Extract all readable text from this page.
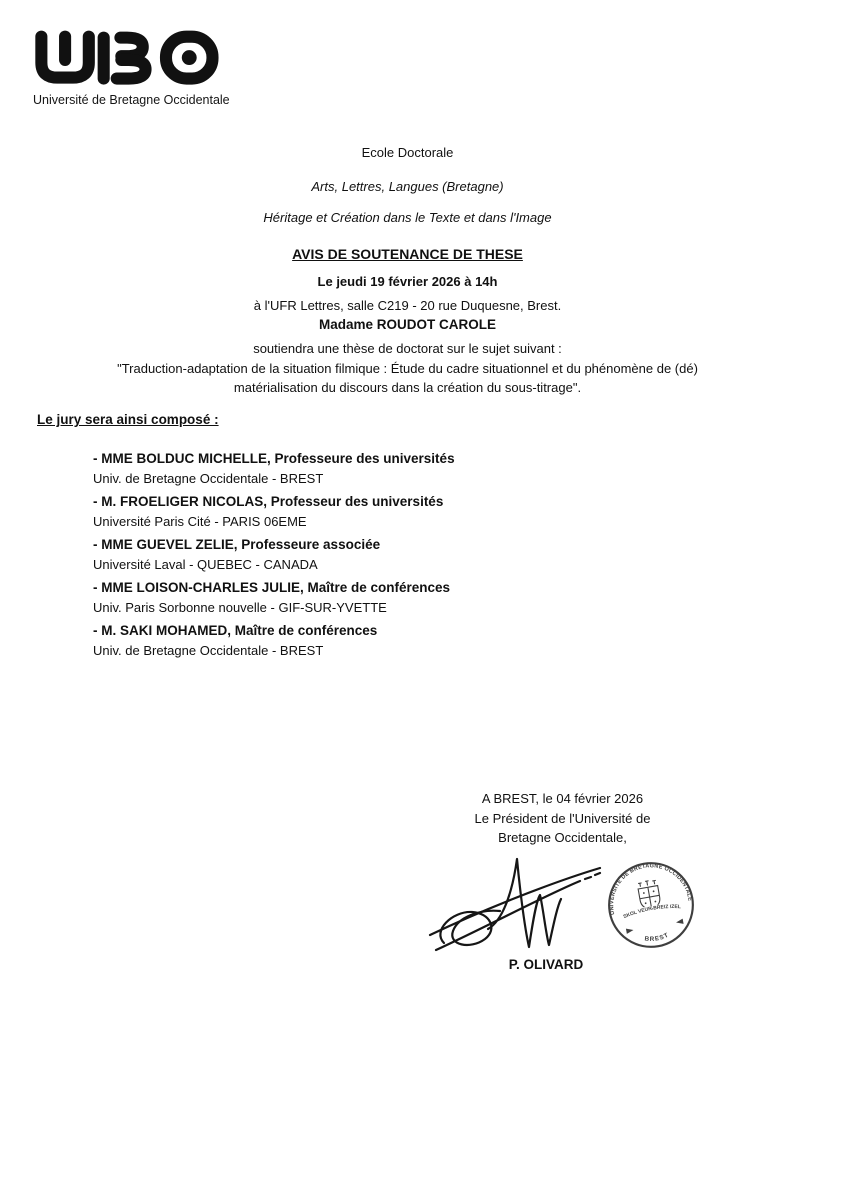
Université de Bretagne Occidentale
Ecole Doctorale
Arts, Lettres, Langues (Bretagne)
Héritage et Création dans le Texte et dans l'Image
AVIS DE SOUTENANCE DE THESE
Le jeudi 19 février 2026 à 14h
à l'UFR Lettres, salle C219 - 20 rue Duquesne, Brest.
Madame ROUDOT CAROLE
soutiendra une thèse de doctorat sur le sujet suivant :
"Traduction-adaptation de la situation filmique : Étude du cadre situationnel et du phénomène de (dé)
matérialisation du discours dans la création du sous-titrage".
Le jury sera ainsi composé :
- MME BOLDUC MICHELLE, Professeure des universités
Univ. de Bretagne Occidentale - BREST
- M. FROELIGER NICOLAS, Professeur des universités
Université Paris Cité - PARIS 06EME
- MME GUEVEL ZELIE, Professeure associée
Université Laval - QUEBEC - CANADA
- MME LOISON-CHARLES JULIE, Maître de conférences
Univ. Paris Sorbonne nouvelle - GIF-SUR-YVETTE
- M. SAKI MOHAMED, Maître de conférences
Univ. de Bretagne Occidentale - BREST
A BREST, le 04 février 2026
Le Président de l'Université de
Bretagne Occidentale,
UNIVERSITE DE BRETAGNE OCCIDENTALE
SKOL VEUR BREIZ IZEL
BREST
P. OLIVARD
